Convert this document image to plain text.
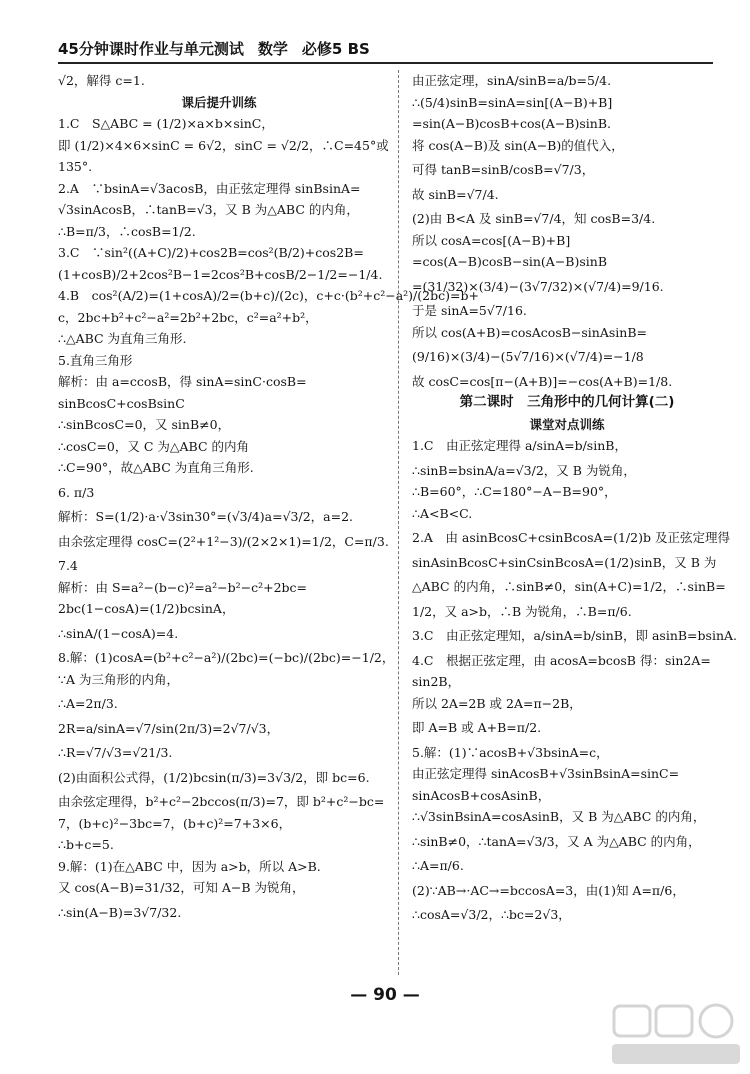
45分钟课时作业与单元测试 数学 必修5 BS
√2，解得 c=1.
课后提升训练
1.C　S△ABC = (1/2)×a×b×sinC，
即 (1/2)×4×6×sinC = 6√2，sinC = √2/2，∴C=45°或
135°.
2.A　∵bsinA=√3acosB，由正弦定理得 sinBsinA=
√3sinAcosB，∴tanB=√3，又 B 为△ABC 的内角，
∴B=π/3，∴cosB=1/2.
3.C　∵sin²((A+C)/2)+cos2B=cos²(B/2)+cos2B=
(1+cosB)/2+2cos²B−1=2cos²B+cosB/2−1/2=−1/4.
4.B　cos²(A/2)=(1+cosA)/2=(b+c)/(2c)，c+c·(b²+c²−a²)/(2bc)=b+
c，2bc+b²+c²−a²=2b²+2bc，c²=a²+b²，
∴△ABC 为直角三角形.
5.直角三角形
解析：由 a=ccosB，得 sinA=sinC·cosB=
sinBcosC+cosBsinC
∴sinBcosC=0，又 sinB≠0，
∴cosC=0，又 C 为△ABC 的内角
∴C=90°，故△ABC 为直角三角形.
6. π/3
解析：S=(1/2)·a·√3sin30°=(√3/4)a=√3/2，a=2.
由余弦定理得 cosC=(2²+1²−3)/(2×2×1)=1/2，C=π/3.
7.4
解析：由 S=a²−(b−c)²=a²−b²−c²+2bc=
2bc(1−cosA)=(1/2)bcsinA，
∴sinA/(1−cosA)=4.
8.解：(1)cosA=(b²+c²−a²)/(2bc)=(−bc)/(2bc)=−1/2，
∵A 为三角形的内角，
∴A=2π/3.
2R=a/sinA=√7/sin(2π/3)=2√7/√3，
∴R=√7/√3=√21/3.
(2)由面积公式得，(1/2)bcsin(π/3)=3√3/2，即 bc=6.
由余弦定理得，b²+c²−2bccos(π/3)=7，即 b²+c²−bc=
7，(b+c)²−3bc=7，(b+c)²=7+3×6，
∴b+c=5.
9.解：(1)在△ABC 中，因为 a>b，所以 A>B.
又 cos(A−B)=31/32，可知 A−B 为锐角，
∴sin(A−B)=3√7/32.
由正弦定理，sinA/sinB=a/b=5/4.
∴(5/4)sinB=sinA=sin[(A−B)+B]
=sin(A−B)cosB+cos(A−B)sinB.
将 cos(A−B)及 sin(A−B)的值代入，
可得 tanB=sinB/cosB=√7/3，
故 sinB=√7/4.
(2)由 B<A 及 sinB=√7/4，知 cosB=3/4.
所以 cosA=cos[(A−B)+B]
=cos(A−B)cosB−sin(A−B)sinB
=(31/32)×(3/4)−(3√7/32)×(√7/4)=9/16.
于是 sinA=5√7/16.
所以 cos(A+B)=cosAcosB−sinAsinB=
(9/16)×(3/4)−(5√7/16)×(√7/4)=−1/8
故 cosC=cos[π−(A+B)]=−cos(A+B)=1/8.
第二课时　三角形中的几何计算(二)
课堂对点训练
1.C　由正弦定理得 a/sinA=b/sinB，
∴sinB=bsinA/a=√3/2，又 B 为锐角，
∴B=60°，∴C=180°−A−B=90°，
∴A<B<C.
2.A　由 asinBcosC+csinBcosA=(1/2)b 及正弦定理得
sinAsinBcosC+sinCsinBcosA=(1/2)sinB，又 B 为
△ABC 的内角，∴sinB≠0，sin(A+C)=1/2，∴sinB=
1/2，又 a>b，∴B 为锐角，∴B=π/6.
3.C　由正弦定理知，a/sinA=b/sinB，即 asinB=bsinA.
4.C　根据正弦定理，由 acosA=bcosB 得：sin2A=
sin2B，
所以 2A=2B 或 2A=π−2B，
即 A=B 或 A+B=π/2.
5.解：(1)∵acosB+√3bsinA=c，
由正弦定理得 sinAcosB+√3sinBsinA=sinC=
sinAcosB+cosAsinB，
∴√3sinBsinA=cosAsinB，又 B 为△ABC 的内角，
∴sinB≠0，∴tanA=√3/3，又 A 为△ABC 的内角，
∴A=π/6.
(2)∵AB→·AC→=bccosA=3，由(1)知 A=π/6，
∴cosA=√3/2，∴bc=2√3，
— 90 —
